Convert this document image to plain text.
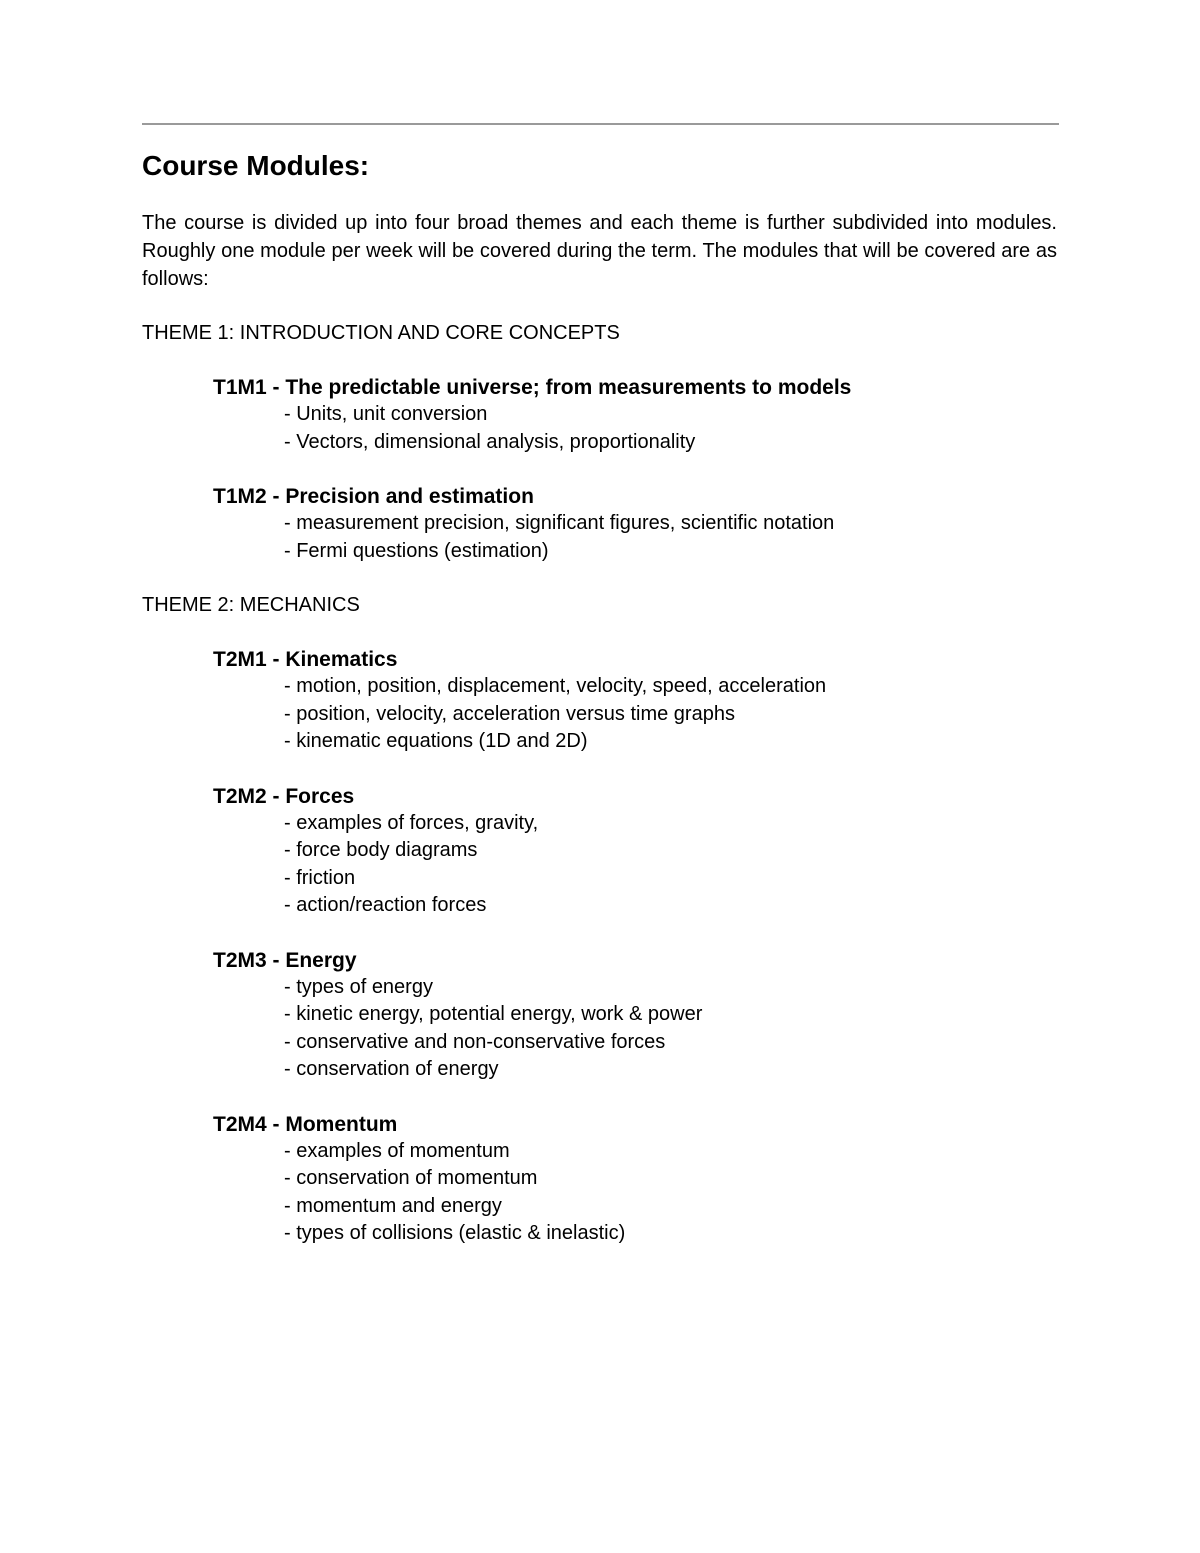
Course Modules:

The course is divided up into four broad themes and each theme is further subdivided into modules. Roughly one module per week will be covered during the term. The modules that will be covered are as follows:

THEME 1: INTRODUCTION AND CORE CONCEPTS
T1M1 - The predictable universe; from measurements to models
- Units, unit conversion
- Vectors, dimensional analysis, proportionality
T1M2 - Precision and estimation
- measurement precision, significant figures, scientific notation
- Fermi questions (estimation)
THEME 2: MECHANICS
T2M1 - Kinematics
- motion, position, displacement, velocity, speed, acceleration
- position, velocity, acceleration versus time graphs
- kinematic equations (1D and 2D)
T2M2 - Forces
- examples of forces, gravity,
- force body diagrams
- friction
- action/reaction forces
T2M3 - Energy
- types of energy
- kinetic energy, potential energy, work & power
- conservative and non-conservative forces
- conservation of energy
T2M4 - Momentum
- examples of momentum
- conservation of momentum
- momentum and energy
- types of collisions (elastic & inelastic)
